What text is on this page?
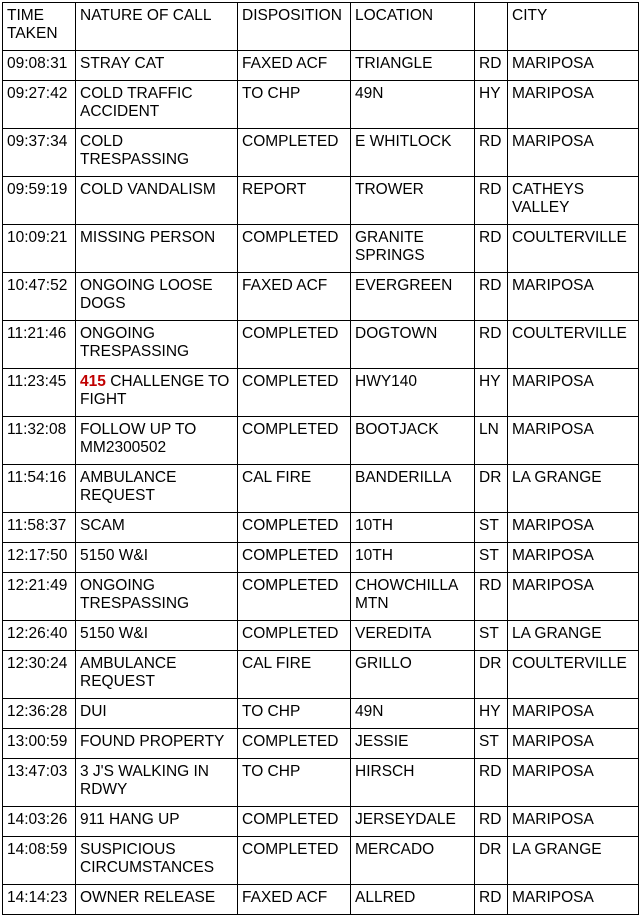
TIME TAKEN	NATURE OF CALL	DISPOSITION	LOCATION		CITY
09:08:31	STRAY CAT	FAXED ACF	TRIANGLE	RD	MARIPOSA
09:27:42	COLD TRAFFIC ACCIDENT	TO CHP	49N	HY	MARIPOSA
09:37:34	COLD TRESPASSING	COMPLETED	E WHITLOCK	RD	MARIPOSA
09:59:19	COLD VANDALISM	REPORT	TROWER	RD	CATHEYS VALLEY
10:09:21	MISSING PERSON	COMPLETED	GRANITE SPRINGS	RD	COULTERVILLE
10:47:52	ONGOING LOOSE DOGS	FAXED ACF	EVERGREEN	RD	MARIPOSA
11:21:46	ONGOING TRESPASSING	COMPLETED	DOGTOWN	RD	COULTERVILLE
11:23:45	415 CHALLENGE TO FIGHT	COMPLETED	HWY140	HY	MARIPOSA
11:32:08	FOLLOW UP TO MM2300502	COMPLETED	BOOTJACK	LN	MARIPOSA
11:54:16	AMBULANCE REQUEST	CAL FIRE	BANDERILLA	DR	LA GRANGE
11:58:37	SCAM	COMPLETED	10TH	ST	MARIPOSA
12:17:50	5150 W&I	COMPLETED	10TH	ST	MARIPOSA
12:21:49	ONGOING TRESPASSING	COMPLETED	CHOWCHILLA MTN	RD	MARIPOSA
12:26:40	5150 W&I	COMPLETED	VEREDITA	ST	LA GRANGE
12:30:24	AMBULANCE REQUEST	CAL FIRE	GRILLO	DR	COULTERVILLE
12:36:28	DUI	TO CHP	49N	HY	MARIPOSA
13:00:59	FOUND PROPERTY	COMPLETED	JESSIE	ST	MARIPOSA
13:47:03	3 J'S WALKING IN RDWY	TO CHP	HIRSCH	RD	MARIPOSA
14:03:26	911 HANG UP	COMPLETED	JERSEYDALE	RD	MARIPOSA
14:08:59	SUSPICIOUS CIRCUMSTANCES	COMPLETED	MERCADO	DR	LA GRANGE
14:14:23	OWNER RELEASE	FAXED ACF	ALLRED	RD	MARIPOSA
